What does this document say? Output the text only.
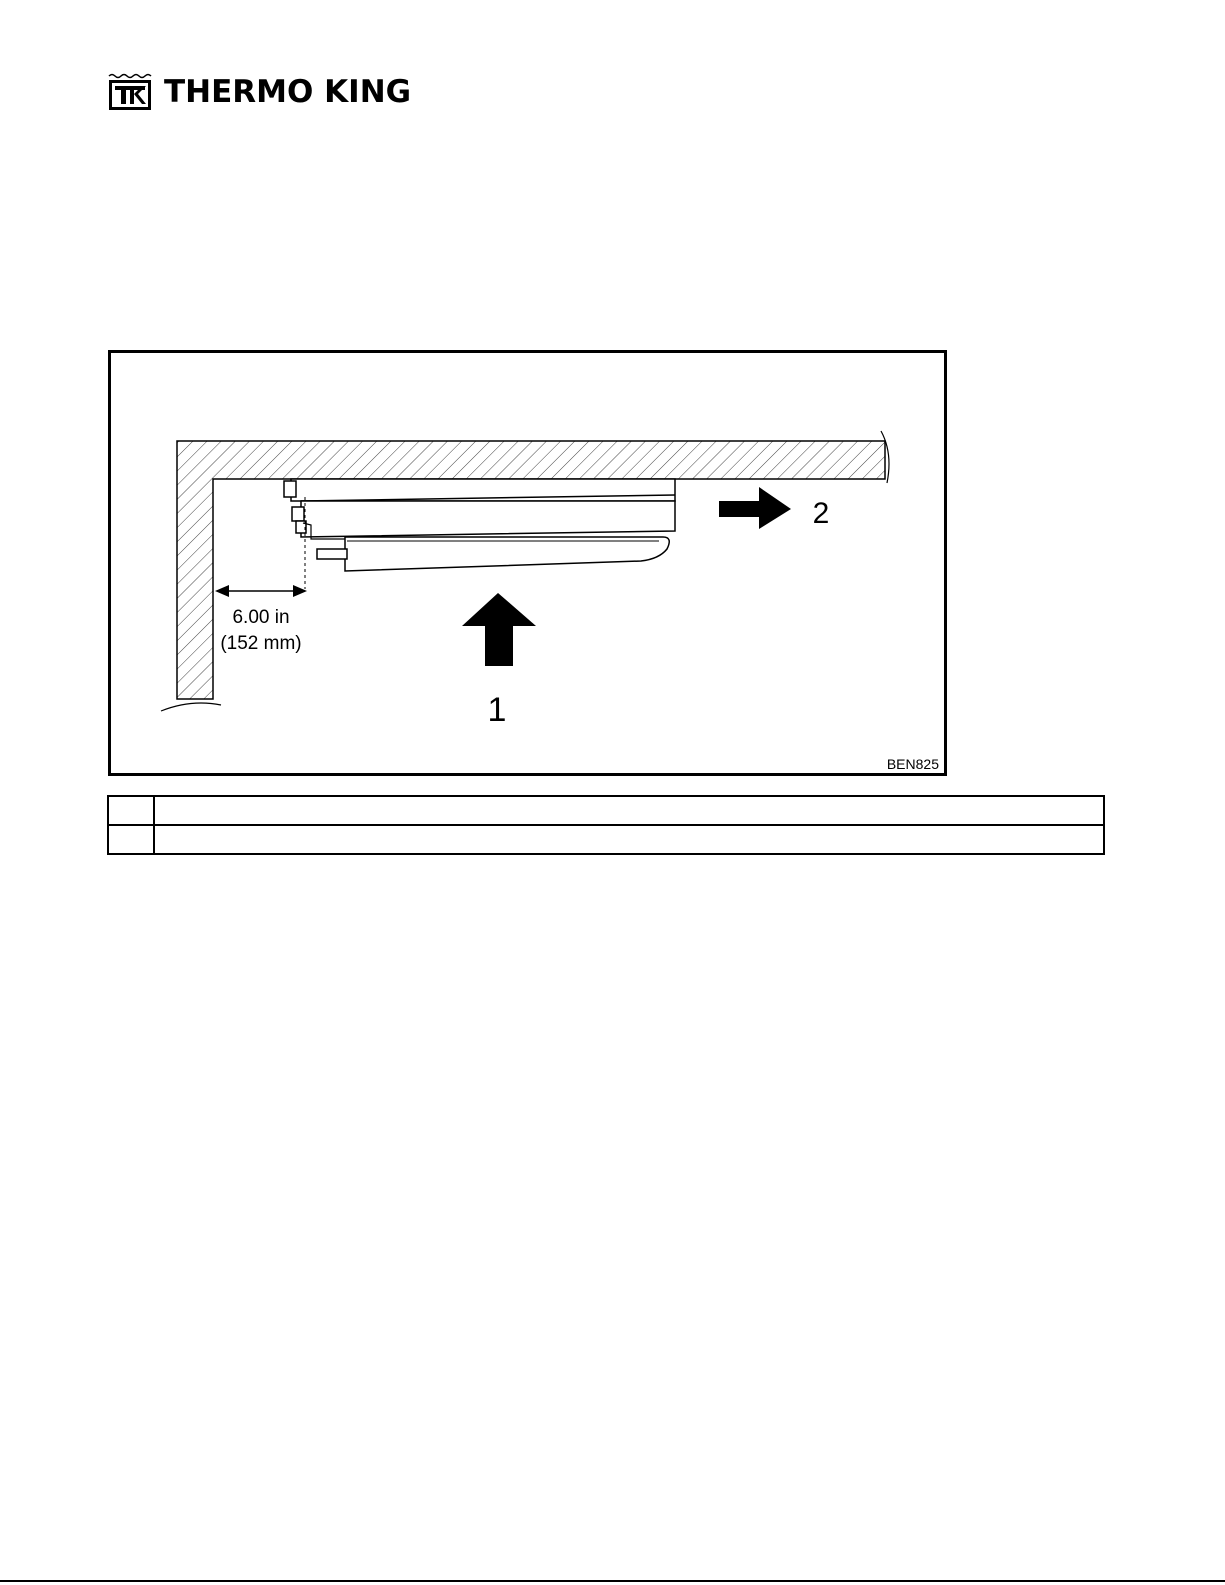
THERMO KING
6.00 in
(152 mm)
1
2
BEN825
